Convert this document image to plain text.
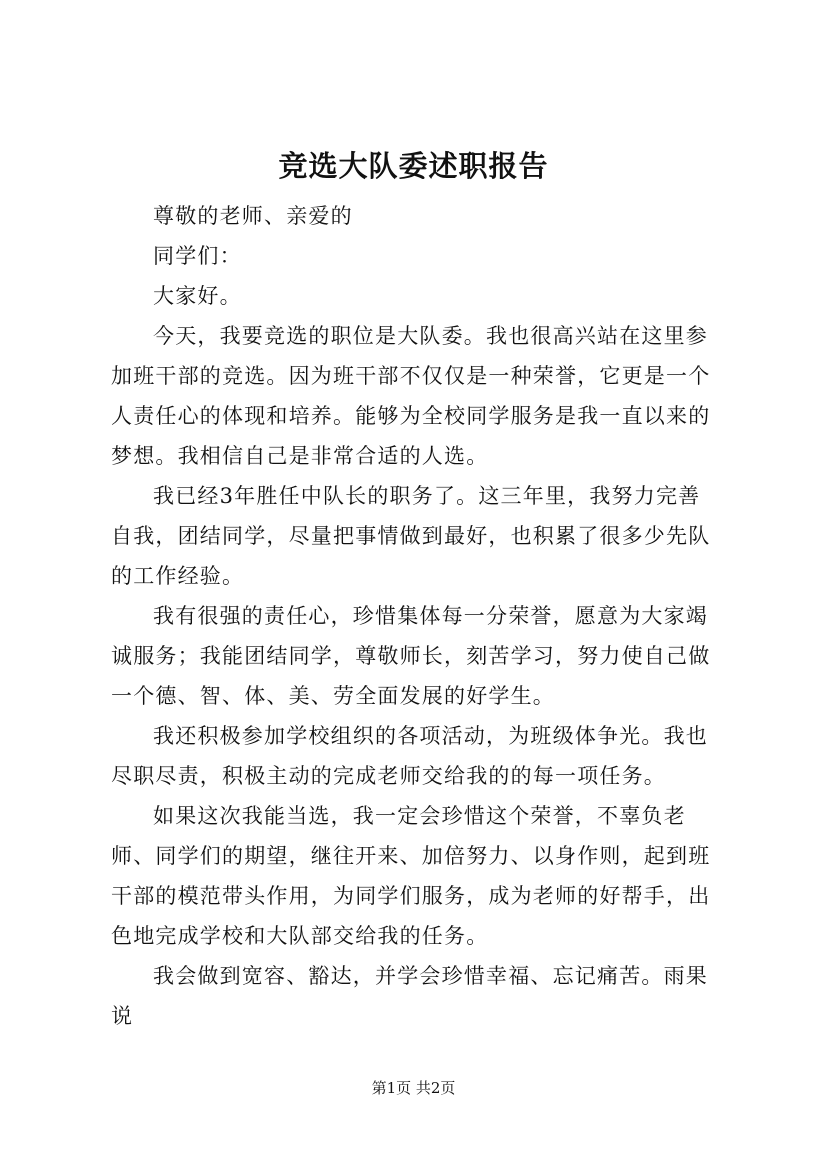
竞选大队委述职报告

尊敬的老师、亲爱的

同学们：

大家好。

今天，我要竞选的职位是大队委。我也很高兴站在这里参加班干部的竞选。因为班干部不仅仅是一种荣誉，它更是一个人责任心的体现和培养。能够为全校同学服务是我一直以来的梦想。我相信自己是非常合适的人选。

我已经3年胜任中队长的职务了。这三年里，我努力完善自我，团结同学，尽量把事情做到最好，也积累了很多少先队的工作经验。

我有很强的责任心，珍惜集体每一分荣誉，愿意为大家竭诚服务；我能团结同学，尊敬师长，刻苦学习，努力使自己做一个德、智、体、美、劳全面发展的好学生。

我还积极参加学校组织的各项活动，为班级体争光。我也尽职尽责，积极主动的完成老师交给我的的每一项任务。

如果这次我能当选，我一定会珍惜这个荣誉，不辜负老师、同学们的期望，继往开来、加倍努力、以身作则，起到班干部的模范带头作用，为同学们服务，成为老师的好帮手，出色地完成学校和大队部交给我的任务。

我会做到宽容、豁达，并学会珍惜幸福、忘记痛苦。雨果说

第1页 共2页
